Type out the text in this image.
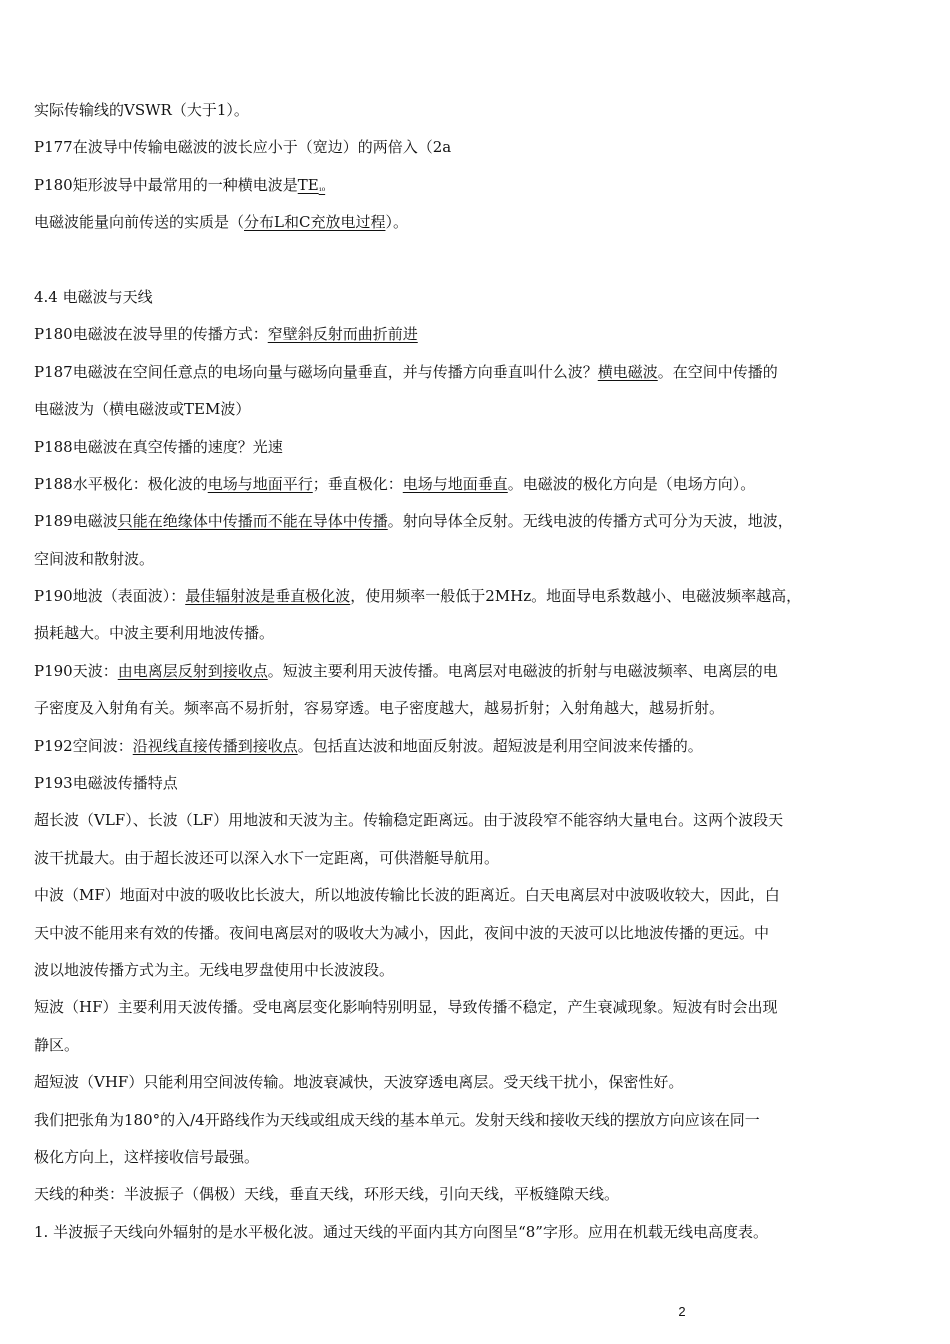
实际传输线的VSWR（大于1）。
P177在波导中传输电磁波的波长应小于（宽边）的两倍入（2a
P180矩形波导中最常用的一种横电波是TE₁₀
电磁波能量向前传送的实质是（分布L和C充放电过程）。
4.4 电磁波与天线
P180电磁波在波导里的传播方式：窄壁斜反射而曲折前进
P187电磁波在空间任意点的电场向量与磁场向量垂直，并与传播方向垂直叫什么波？横电磁波。在空间中传播的
电磁波为（横电磁波或TEM波）
P188电磁波在真空传播的速度？光速
P188水平极化：极化波的电场与地面平行；垂直极化：电场与地面垂直。电磁波的极化方向是（电场方向）。
P189电磁波只能在绝缘体中传播而不能在导体中传播。射向导体全反射。无线电波的传播方式可分为天波，地波，
空间波和散射波。
P190地波（表面波）：最佳辐射波是垂直极化波，使用频率一般低于2MHz。地面导电系数越小、电磁波频率越高，
损耗越大。中波主要利用地波传播。
P190天波：由电离层反射到接收点。短波主要利用天波传播。电离层对电磁波的折射与电磁波频率、电离层的电
子密度及入射角有关。频率高不易折射，容易穿透。电子密度越大，越易折射；入射角越大，越易折射。
P192空间波：沿视线直接传播到接收点。包括直达波和地面反射波。超短波是利用空间波来传播的。
P193电磁波传播特点
超长波（VLF）、长波（LF）用地波和天波为主。传输稳定距离远。由于波段窄不能容纳大量电台。这两个波段天
波干扰最大。由于超长波还可以深入水下一定距离，可供潜艇导航用。
中波（MF）地面对中波的吸收比长波大，所以地波传输比长波的距离近。白天电离层对中波吸收较大，因此，白
天中波不能用来有效的传播。夜间电离层对的吸收大为减小，因此，夜间中波的天波可以比地波传播的更远。中
波以地波传播方式为主。无线电罗盘使用中长波波段。
短波（HF）主要利用天波传播。受电离层变化影响特别明显，导致传播不稳定，产生衰减现象。短波有时会出现
静区。
超短波（VHF）只能利用空间波传输。地波衰减快，天波穿透电离层。受天线干扰小，保密性好。
我们把张角为180°的入/4开路线作为天线或组成天线的基本单元。发射天线和接收天线的摆放方向应该在同一
极化方向上，这样接收信号最强。
天线的种类：半波振子（偶极）天线，垂直天线，环形天线，引向天线，平板缝隙天线。
1. 半波振子天线向外辐射的是水平极化波。通过天线的平面内其方向图呈“8”字形。应用在机载无线电高度表。
2
